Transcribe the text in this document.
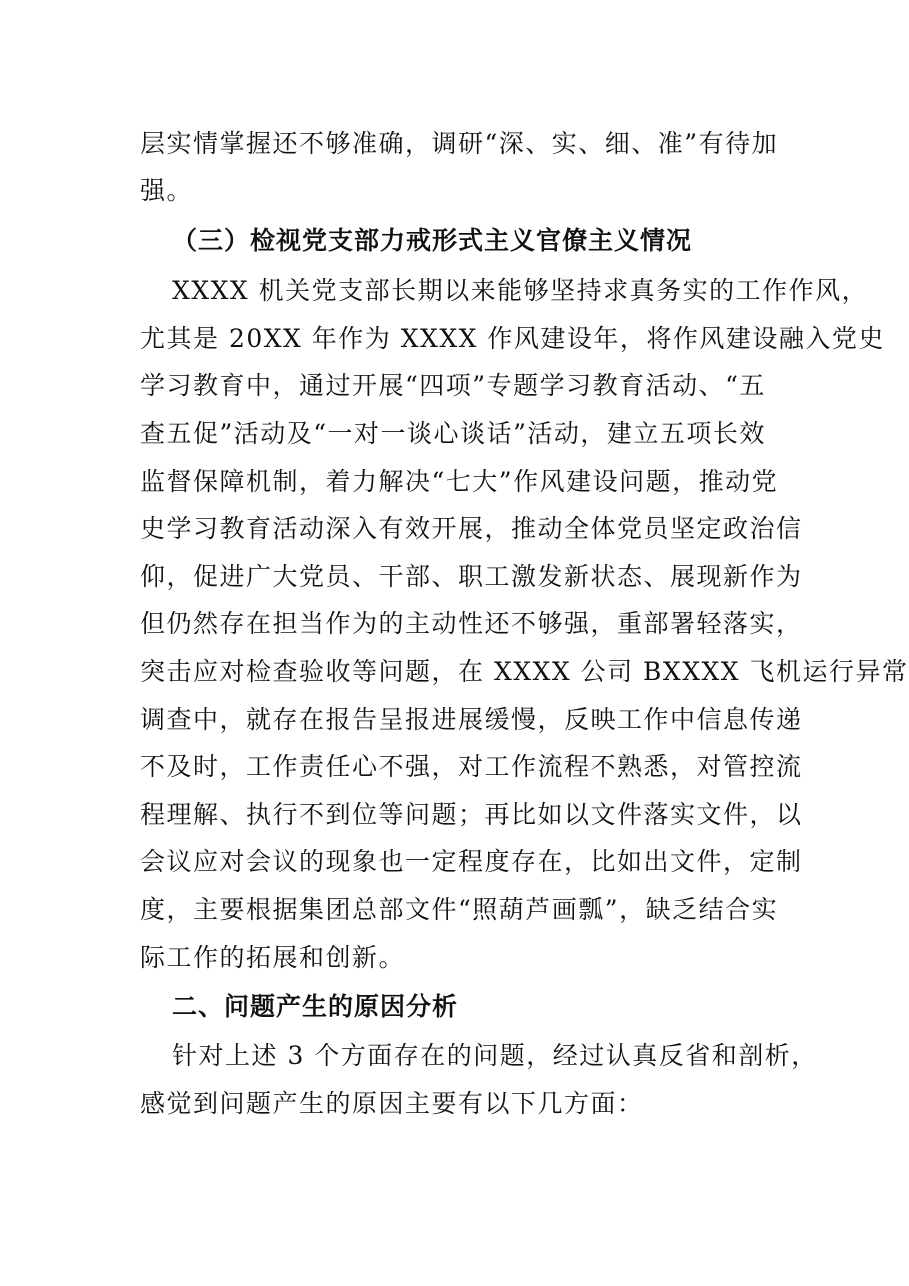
层实情掌握还不够准确，调研“深、实、细、准”有待加
强。
（三）检视党支部力戒形式主义官僚主义情况
XXXX 机关党支部长期以来能够坚持求真务实的工作作风，
尤其是 20XX 年作为 XXXX 作风建设年，将作风建设融入党史
学习教育中，通过开展“四项”专题学习教育活动、“五
查五促”活动及“一对一谈心谈话”活动，建立五项长效
监督保障机制，着力解决“七大”作风建设问题，推动党
史学习教育活动深入有效开展，推动全体党员坚定政治信
仰，促进广大党员、干部、职工激发新状态、展现新作为
但仍然存在担当作为的主动性还不够强，重部署轻落实，
突击应对检查验收等问题，在 XXXX 公司 BXXXX 飞机运行异常
调查中，就存在报告呈报进展缓慢，反映工作中信息传递
不及时，工作责任心不强，对工作流程不熟悉，对管控流
程理解、执行不到位等问题；再比如以文件落实文件，以
会议应对会议的现象也一定程度存在，比如出文件，定制
度，主要根据集团总部文件“照葫芦画瓢”，缺乏结合实
际工作的拓展和创新。
二、问题产生的原因分析
针对上述 3 个方面存在的问题，经过认真反省和剖析，
感觉到问题产生的原因主要有以下几方面：
